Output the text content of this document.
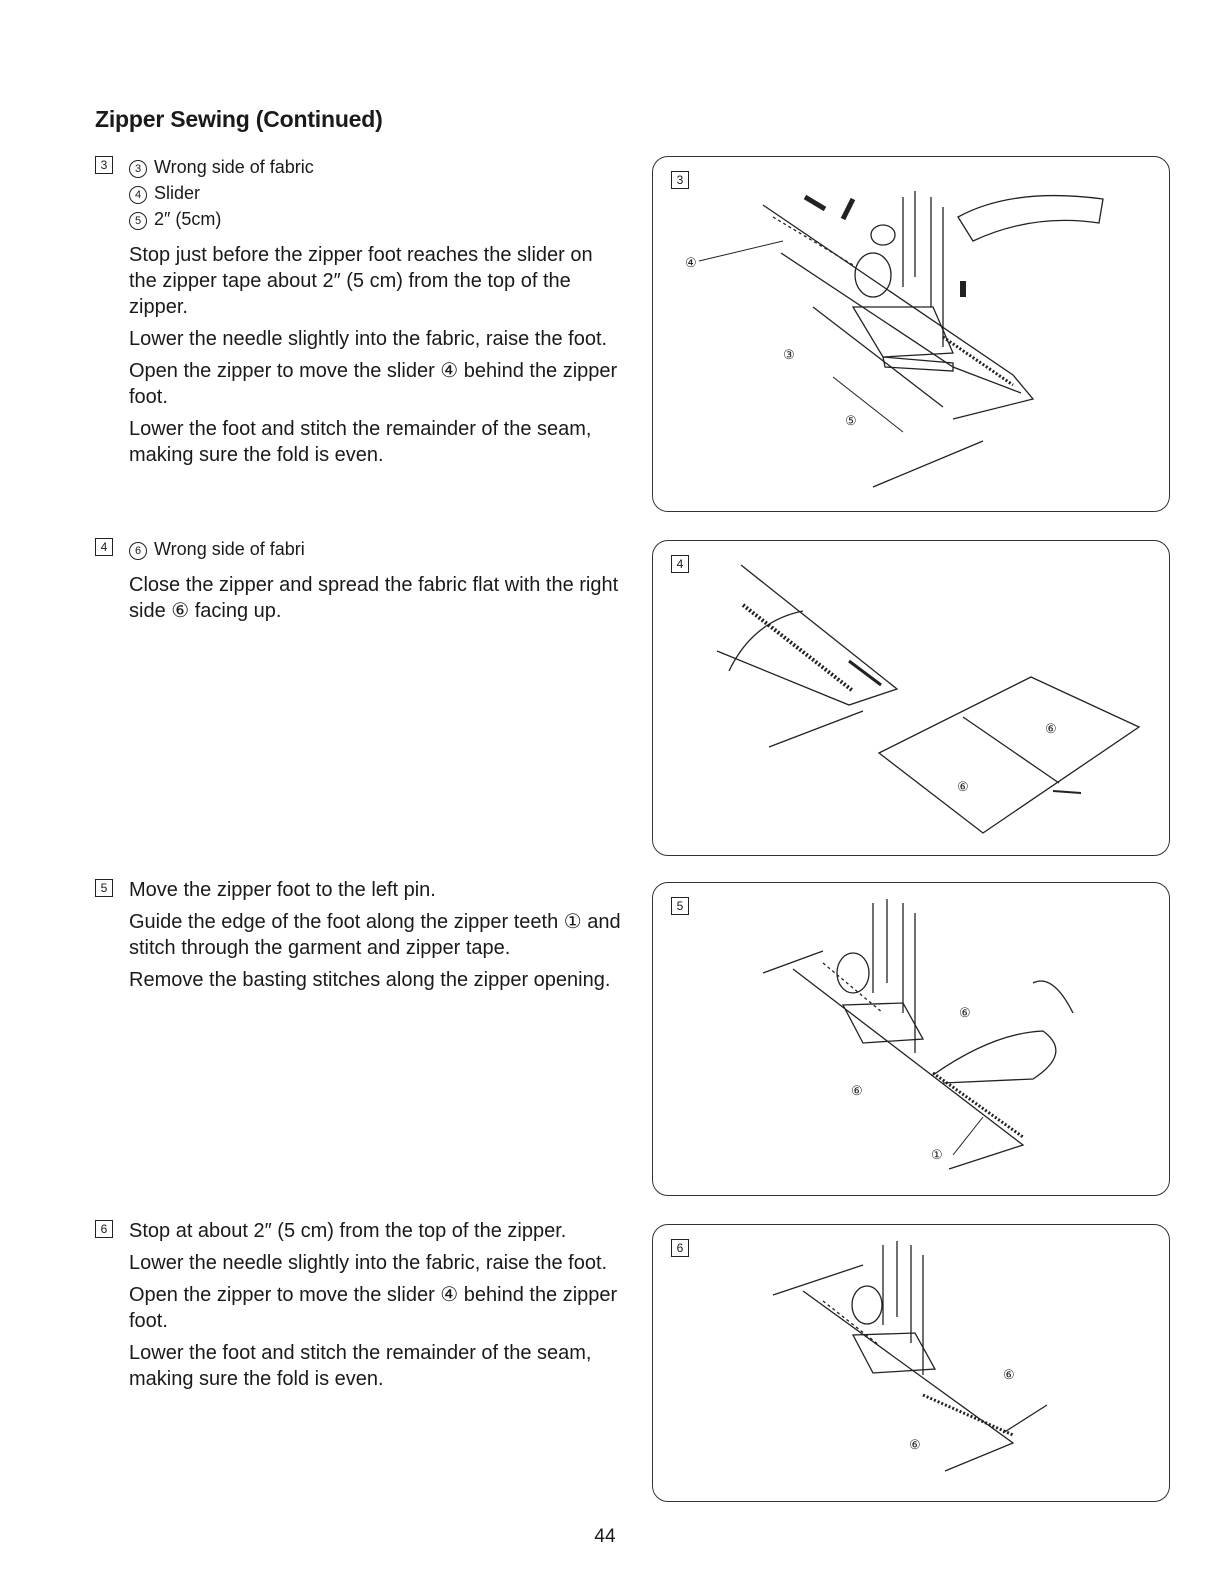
Zipper Sewing (Continued)
3	3 Wrong side of fabric
4 Slider
5 2″ (5cm)

Stop just before the zipper foot reaches the slider on the zipper tape about 2″ (5 cm) from the top of the zipper.

Lower the needle slightly into the fabric, raise the foot.

Open the zipper to move the slider ④ behind the zipper foot.

Lower the foot and stitch the remainder of the seam, making sure the fold is even.

4	6 Wrong side of fabri

Close the zipper and spread the fabric flat with the right side ⑥ facing up.

5 Move the zipper foot to the left pin.

Guide the edge of the foot along the zipper teeth ① and stitch through the garment and zipper tape.

Remove the basting stitches along the zipper opening.

6 Stop at about 2″ (5 cm) from the top of the zipper.

Lower the needle slightly into the fabric, raise the foot.

Open the zipper to move the slider ④ behind the zipper foot.

Lower the foot and stitch the remainder of the seam, making sure the fold is even.

3
④
③
⑤
4
⑥
⑥
5
⑥
⑥
①
6
⑥
⑥
44
